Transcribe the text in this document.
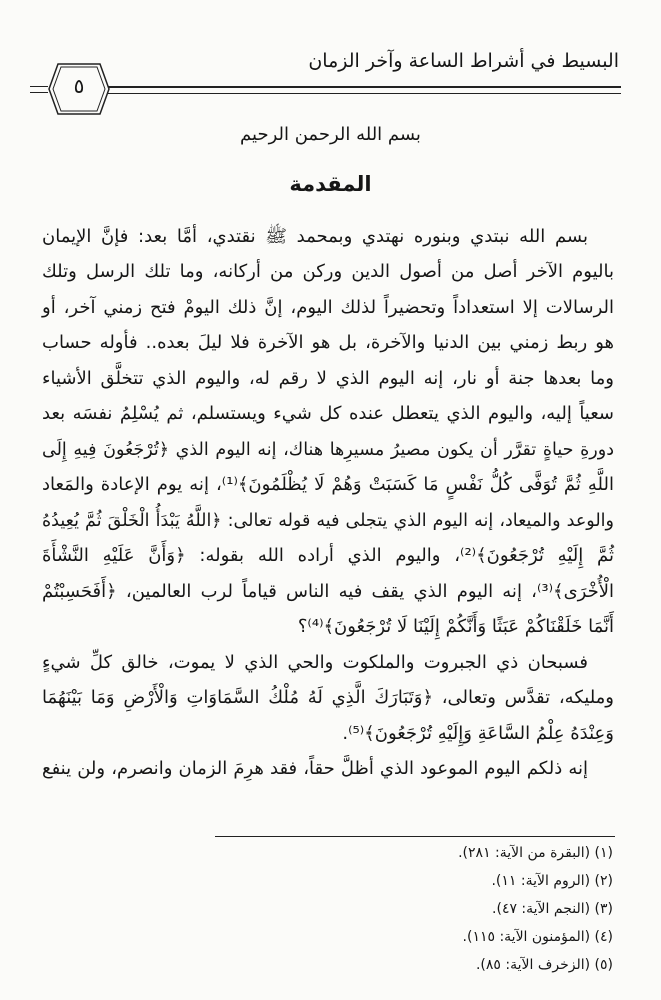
البسيط في أشراط الساعة وآخر الزمان
٥
بسم الله الرحمن الرحيم
المقدمة
بسم الله نبتدي وبنوره نهتدي وبمحمد ﷺ نقتدي، أمَّا بعد: فإنَّ الإيمان
باليوم الآخر أصل من أصول الدين وركن من أركانه، وما تلك الرسل وتلك
الرسالات إلا استعداداً وتحضيراً لذلك اليوم، إنَّ ذلك اليومْ فتح زمني آخر، أو
هو ربط زمني بين الدنيا والآخرة، بل هو الآخرة فلا ليلَ بعده.. فأوله حساب
وما بعدها جنة أو نار، إنه اليوم الذي لا رقم له، واليوم الذي تتخلَّق الأشياء
سعياً إليه، واليوم الذي يتعطل عنده كل شيء ويستسلم، ثم يُسْلِمُ نفسَه بعد
دورةِ حياةٍ تقرَّر أن يكون مصيرُ مسيرِها هناك، إنه اليوم الذي ﴿تُرْجَعُونَ فِيهِ إِلَى
اللَّهِ ثُمَّ تُوَفَّى كُلُّ نَفْسٍ مَا كَسَبَتْ وَهُمْ لَا يُظْلَمُونَ﴾⁽¹⁾، إنه يوم الإعادة والمَعاد
والوعد والميعاد، إنه اليوم الذي يتجلى فيه قوله تعالى: ﴿اللَّهُ يَبْدَأُ الْخَلْقَ ثُمَّ يُعِيدُهُ
ثُمَّ إِلَيْهِ تُرْجَعُونَ﴾⁽²⁾، واليوم الذي أراده الله بقوله: ﴿وَأَنَّ عَلَيْهِ النَّشْأَةَ
الْأُخْرَى﴾⁽³⁾، إنه اليوم الذي يقف فيه الناس قياماً لرب العالمين، ﴿أَفَحَسِبْتُمْ
أَنَّمَا خَلَقْنَاكُمْ عَبَثًا وَأَنَّكُمْ إِلَيْنَا لَا تُرْجَعُونَ﴾⁽⁴⁾؟
فسبحان ذي الجبروت والملكوت والحي الذي لا يموت، خالق كلِّ شيءٍ
ومليكه، تقدَّس وتعالى، ﴿وَتَبَارَكَ الَّذِي لَهُ مُلْكُ السَّمَاوَاتِ وَالْأَرْضِ وَمَا بَيْنَهُمَا
وَعِنْدَهُ عِلْمُ السَّاعَةِ وَإِلَيْهِ تُرْجَعُونَ﴾⁽⁵⁾.
إنه ذلكم اليوم الموعود الذي أظلَّ حقاً، فقد هرِمَ الزمان وانصرم، ولن ينفع
(١) (البقرة من الآية: ٢٨١).
(٢) (الروم الآية: ١١).
(٣) (النجم الآية: ٤٧).
(٤) (المؤمنون الآية: ١١٥).
(٥) (الزخرف الآية: ٨٥).
